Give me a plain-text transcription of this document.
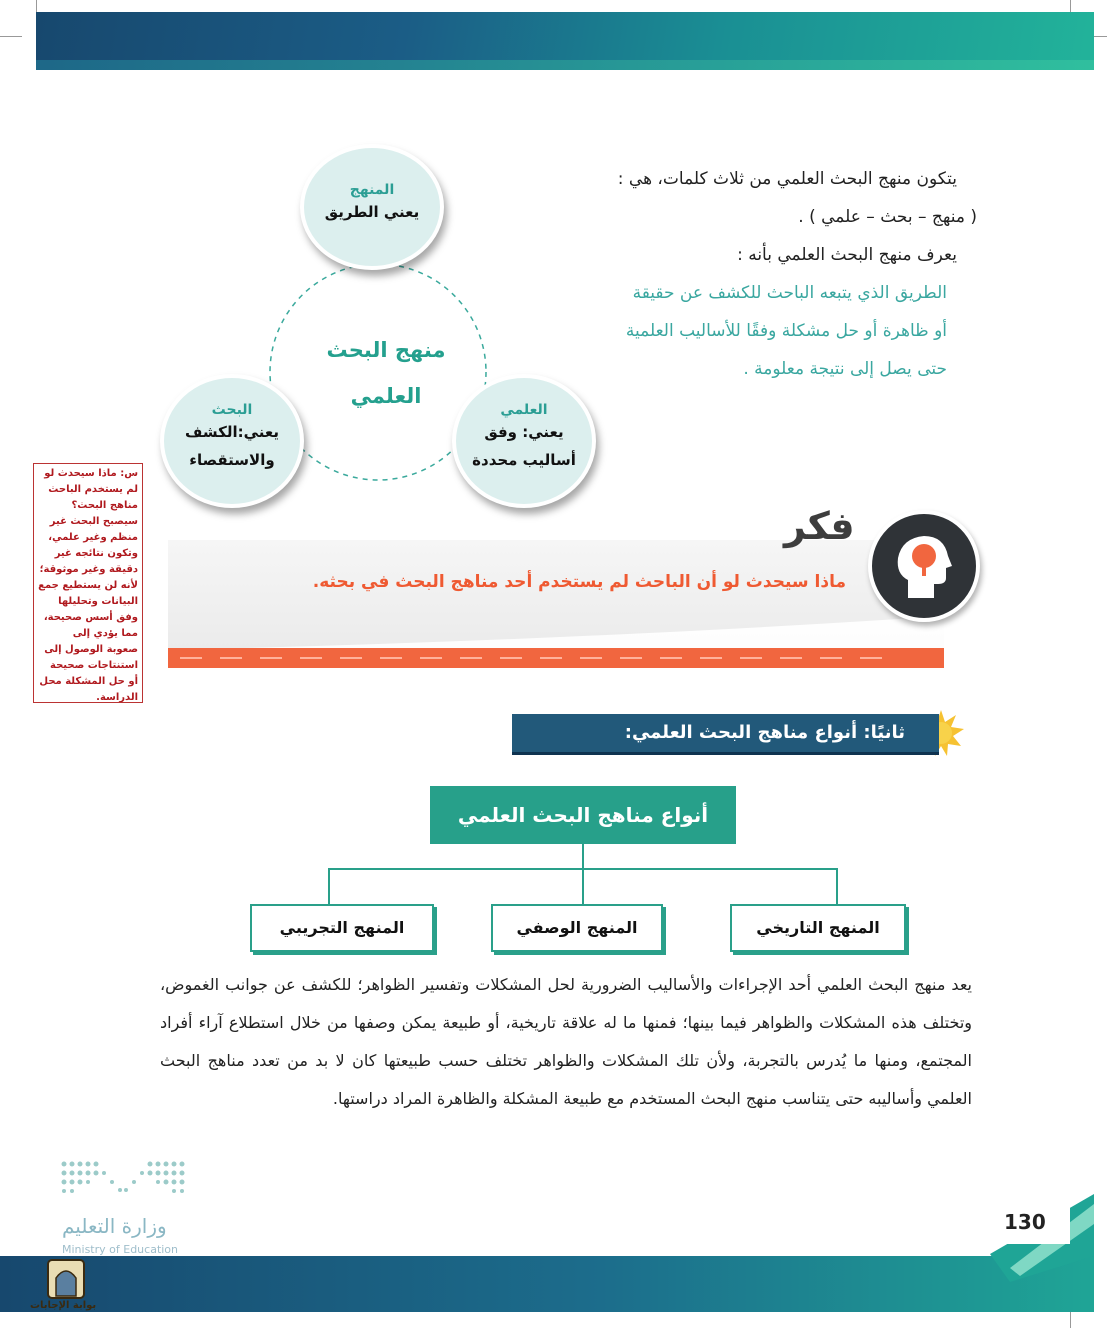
يتكون منهج البحث العلمي من ثلاث كلمات، هي :
( منهج – بحث – علمي ) .
يعرف منهج البحث العلمي بأنه :
الطريق الذي يتبعه الباحث للكشف عن حقيقة
أو ظاهرة أو حل مشكلة وفقًا للأساليب العلمية
حتى يصل إلى نتيجة معلومة .
منهج البحث
العلمي
المنهج
يعني الطريق
البحث
يعني:الكشف
والاستقصاء
العلمي
يعني: وفق
أساليب محددة
س: ماذا سيحدث لو لم يستخدم الباحث مناهج البحث؟ سيصبح البحث غير منظم وغير علمي، وتكون نتائجه غير دقيقة وغير موثوقة؛ لأنه لن يستطيع جمع البيانات وتحليلها وفق أسس صحيحة، مما يؤدي إلى صعوبة الوصول إلى استنتاجات صحيحة أو حل المشكلة محل الدراسة.
فكر
ماذا سيحدث لو أن الباحث لم يستخدم أحد مناهج البحث في بحثه.
ثانيًا: أنواع مناهج البحث العلمي:
أنواع مناهج البحث العلمي
المنهج التاريخي
المنهج الوصفي
المنهج التجريبي
يعد منهج البحث العلمي أحد الإجراءات والأساليب الضرورية لحل المشكلات وتفسير الظواهر؛ للكشف عن جوانب الغموض، وتختلف هذه المشكلات والظواهر فيما بينها؛ فمنها ما له علاقة تاريخية، أو طبيعة يمكن وصفها من خلال استطلاع آراء أفراد المجتمع، ومنها ما يُدرس بالتجربة، ولأن تلك المشكلات والظواهر تختلف حسب طبيعتها كان لا بد من تعدد مناهج البحث العلمي وأساليبه حتى يتناسب منهج البحث المستخدم مع طبيعة المشكلة والظاهرة المراد دراستها.
وزارة التعليم
Ministry of Education
130
بوابة الإجابات
